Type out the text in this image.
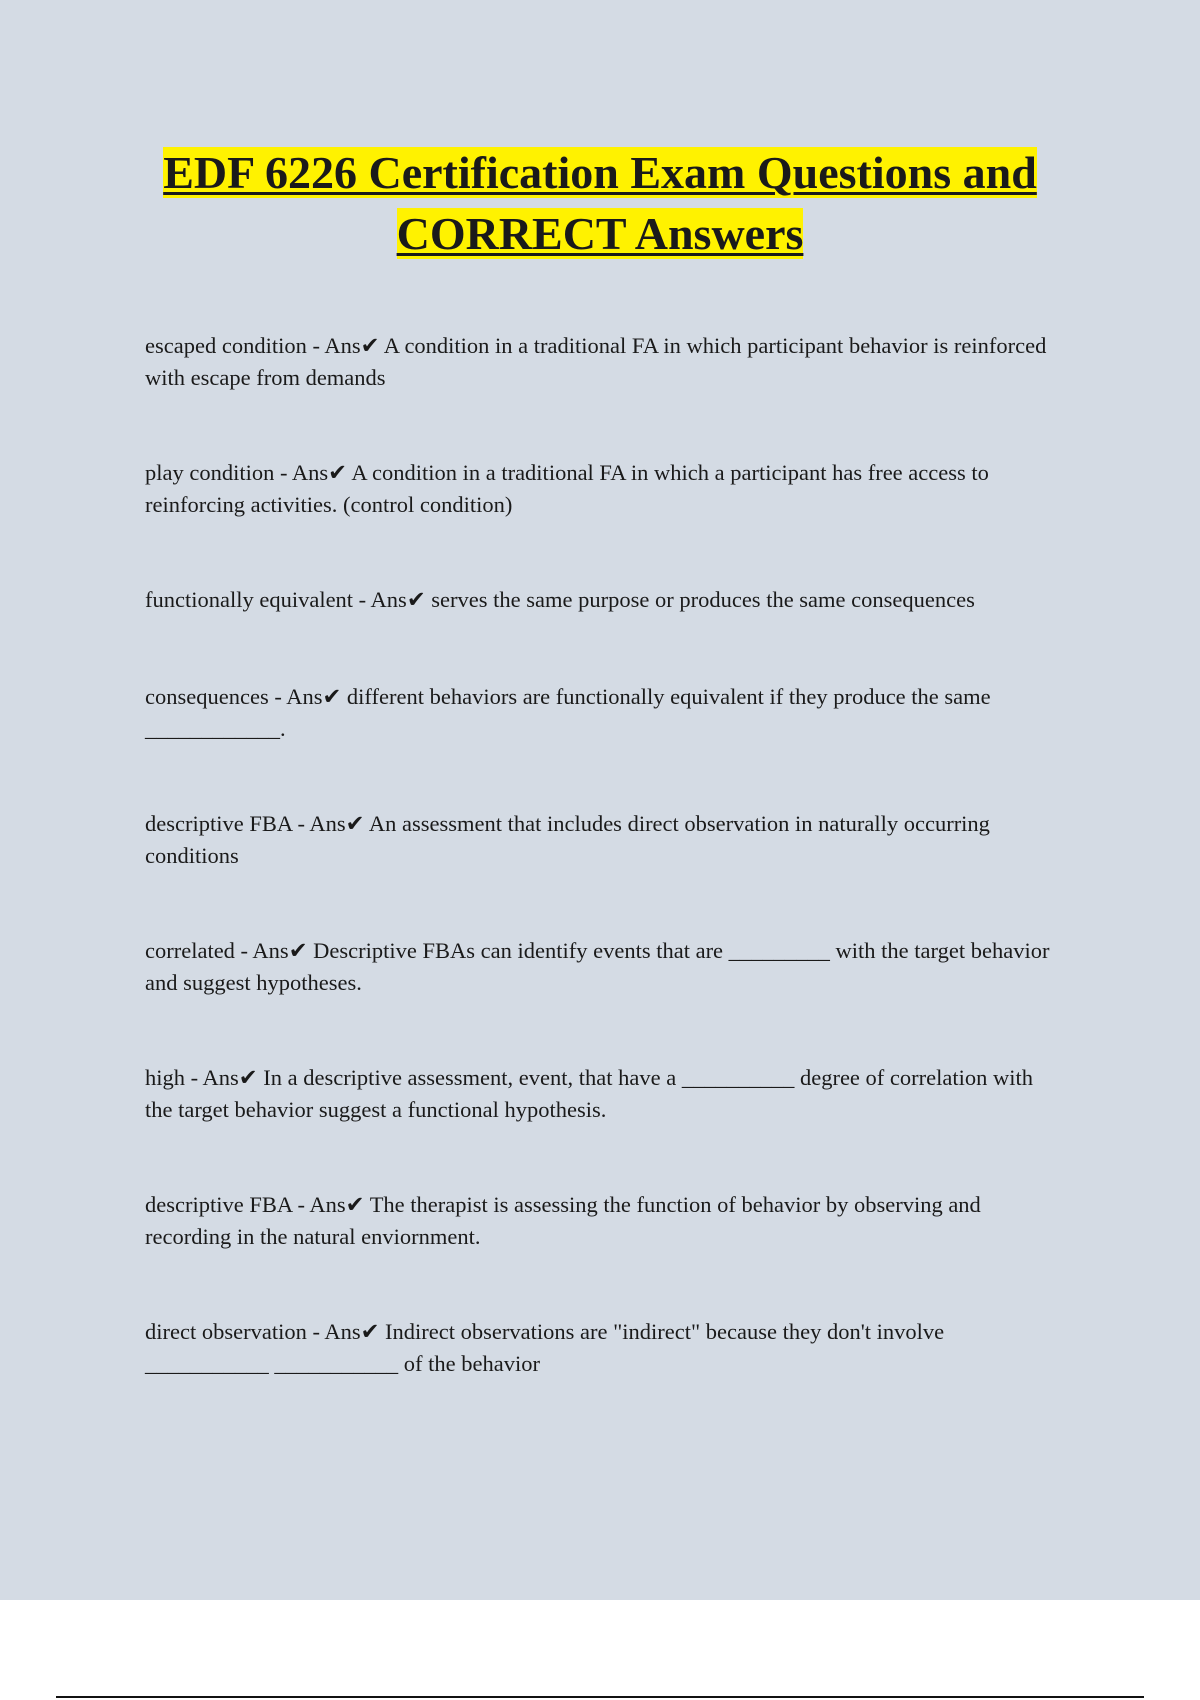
EDF 6226 Certification Exam Questions and
CORRECT Answers

escaped condition - Ans✔ A condition in a traditional FA in which participant behavior is reinforced with escape from demands

play condition - Ans✔ A condition in a traditional FA in which a participant has free access to reinforcing activities. (control condition)

functionally equivalent - Ans✔ serves the same purpose or produces the same consequences

consequences - Ans✔ different behaviors are functionally equivalent if they produce the same ____________.

descriptive FBA - Ans✔ An assessment that includes direct observation in naturally occurring conditions

correlated - Ans✔ Descriptive FBAs can identify events that are _________ with the target behavior and suggest hypotheses.

high - Ans✔ In a descriptive assessment, event, that have a __________ degree of correlation with the target behavior suggest a functional hypothesis.

descriptive FBA - Ans✔ The therapist is assessing the function of behavior by observing and recording in the natural enviornment.

direct observation - Ans✔ Indirect observations are "indirect" because they don't involve ___________ ___________ of the behavior
